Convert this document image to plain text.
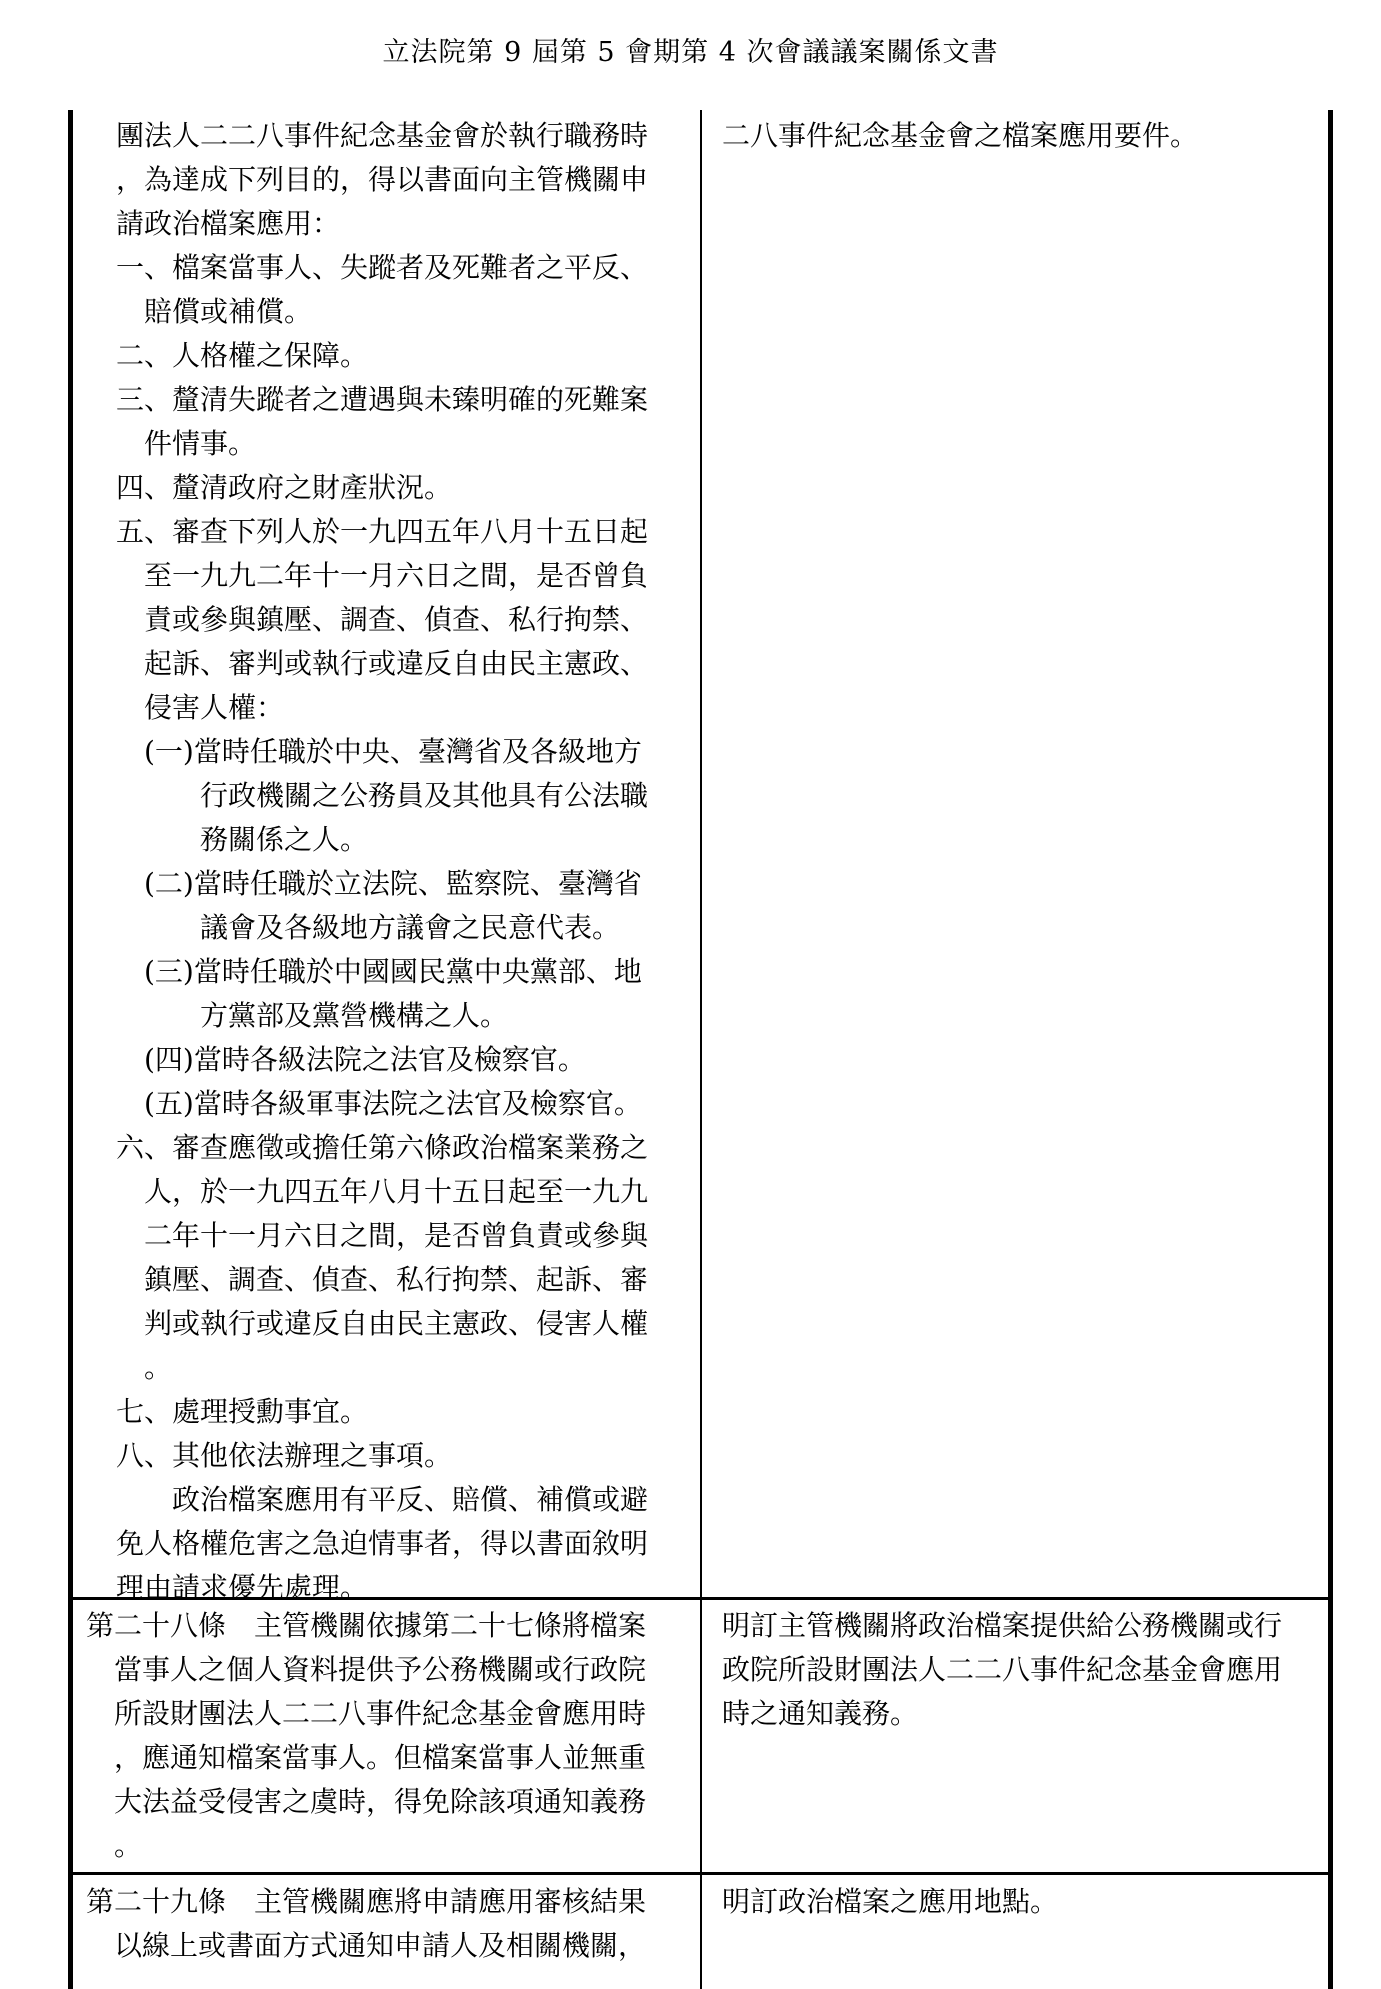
立法院第 9 屆第 5 會期第 4 次會議議案關係文書
團法人二二八事件紀念基金會於執行職務時
，為達成下列目的，得以書面向主管機關申
請政治檔案應用：
一、檔案當事人、失蹤者及死難者之平反、
　賠償或補償。
二、人格權之保障。
三、釐清失蹤者之遭遇與未臻明確的死難案
　件情事。
四、釐清政府之財產狀況。
五、審查下列人於一九四五年八月十五日起
　至一九九二年十一月六日之間，是否曾負
　責或參與鎮壓、調查、偵查、私行拘禁、
　起訴、審判或執行或違反自由民主憲政、
　侵害人權：
　(一)當時任職於中央、臺灣省及各級地方
　　　行政機關之公務員及其他具有公法職
　　　務關係之人。
　(二)當時任職於立法院、監察院、臺灣省
　　　議會及各級地方議會之民意代表。
　(三)當時任職於中國國民黨中央黨部、地
　　　方黨部及黨營機構之人。
　(四)當時各級法院之法官及檢察官。
　(五)當時各級軍事法院之法官及檢察官。
六、審查應徵或擔任第六條政治檔案業務之
　人，於一九四五年八月十五日起至一九九
　二年十一月六日之間，是否曾負責或參與
　鎮壓、調查、偵查、私行拘禁、起訴、審
　判或執行或違反自由民主憲政、侵害人權
　。
七、處理授勳事宜。
八、其他依法辦理之事項。
　　政治檔案應用有平反、賠償、補償或避
免人格權危害之急迫情事者，得以書面敘明
理由請求優先處理。
二八事件紀念基金會之檔案應用要件。
第二十八條　主管機關依據第二十七條將檔案
　當事人之個人資料提供予公務機關或行政院
　所設財團法人二二八事件紀念基金會應用時
　，應通知檔案當事人。但檔案當事人並無重
　大法益受侵害之虞時，得免除該項通知義務
　。
明訂主管機關將政治檔案提供給公務機關或行
政院所設財團法人二二八事件紀念基金會應用
時之通知義務。
第二十九條　主管機關應將申請應用審核結果
　以線上或書面方式通知申請人及相關機關，
明訂政治檔案之應用地點。
